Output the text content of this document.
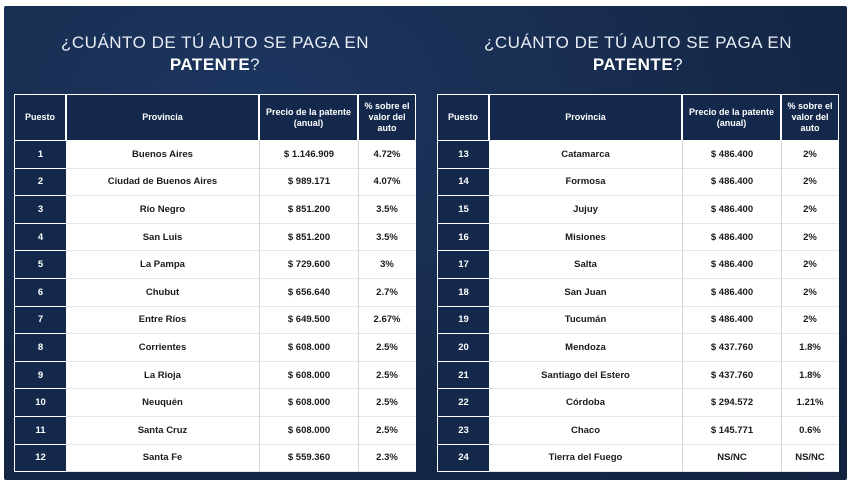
¿CUÁNTO DE TÚ AUTO SE PAGA EN
PATENTE?
Puesto	Provincia	Precio de la patente (anual)	% sobre el valor del auto
1	Buenos Aires	$ 1.146.909	4.72%
2	Ciudad de Buenos Aires	$ 989.171	4.07%
3	Río Negro	$ 851.200	3.5%
4	San Luis	$ 851.200	3.5%
5	La Pampa	$ 729.600	3%
6	Chubut	$ 656.640	2.7%
7	Entre Ríos	$ 649.500	2.67%
8	Corrientes	$ 608.000	2.5%
9	La Rioja	$ 608.000	2.5%
10	Neuquén	$ 608.000	2.5%
11	Santa Cruz	$ 608.000	2.5%
12	Santa Fe	$ 559.360	2.3%
¿CUÁNTO DE TÚ AUTO SE PAGA EN
PATENTE?
Puesto	Provincia	Precio de la patente (anual)	% sobre el valor del auto
13	Catamarca	$ 486.400	2%
14	Formosa	$ 486.400	2%
15	Jujuy	$ 486.400	2%
16	Misiones	$ 486.400	2%
17	Salta	$ 486.400	2%
18	San Juan	$ 486.400	2%
19	Tucumán	$ 486.400	2%
20	Mendoza	$ 437.760	1.8%
21	Santiago del Estero	$ 437.760	1.8%
22	Córdoba	$ 294.572	1.21%
23	Chaco	$ 145.771	0.6%
24	Tierra del Fuego	NS/NC	NS/NC
